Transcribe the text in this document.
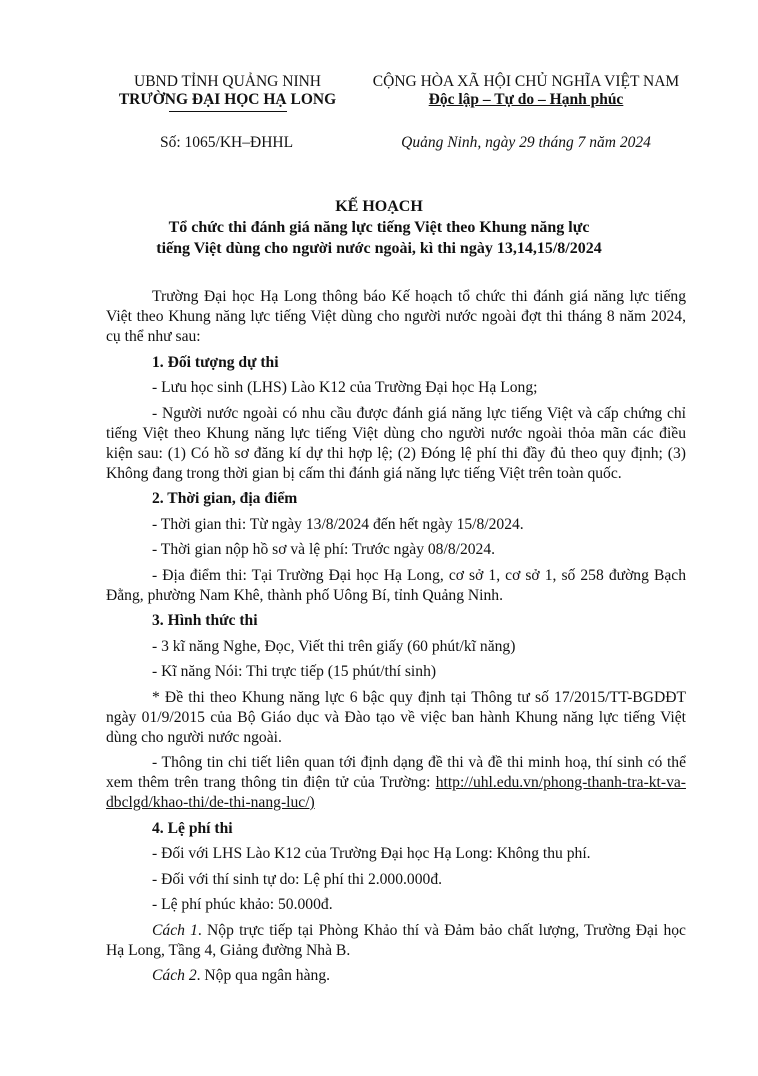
UBND TỈNH QUẢNG NINH
TRƯỜNG ĐẠI HỌC HẠ LONG
CỘNG HÒA XÃ HỘI CHỦ NGHĨA VIỆT NAM
Độc lập – Tự do – Hạnh phúc
Số: 1065/KH–ĐHHL	Quảng Ninh, ngày 29 tháng 7 năm 2024
KẾ HOẠCH
Tổ chức thi đánh giá năng lực tiếng Việt theo Khung năng lực
tiếng Việt dùng cho người nước ngoài, kì thi ngày 13,14,15/8/2024

Trường Đại học Hạ Long thông báo Kế hoạch tổ chức thi đánh giá năng lực tiếng Việt theo Khung năng lực tiếng Việt dùng cho người nước ngoài đợt thi tháng 8 năm 2024, cụ thể như sau:

1. Đối tượng dự thi

- Lưu học sinh (LHS) Lào K12 của Trường Đại học Hạ Long;

- Người nước ngoài có nhu cầu được đánh giá năng lực tiếng Việt và cấp chứng chỉ tiếng Việt theo Khung năng lực tiếng Việt dùng cho người nước ngoài thỏa mãn các điều kiện sau: (1) Có hồ sơ đăng kí dự thi hợp lệ; (2) Đóng lệ phí thi đầy đủ theo quy định; (3) Không đang trong thời gian bị cấm thi đánh giá năng lực tiếng Việt trên toàn quốc.

2. Thời gian, địa điểm

- Thời gian thi: Từ ngày 13/8/2024 đến hết ngày 15/8/2024.

- Thời gian nộp hồ sơ và lệ phí: Trước ngày 08/8/2024.

- Địa điểm thi: Tại Trường Đại học Hạ Long, cơ sở 1, cơ sở 1, số 258 đường Bạch Đằng, phường Nam Khê, thành phố Uông Bí, tỉnh Quảng Ninh.

3. Hình thức thi

- 3 kĩ năng Nghe, Đọc, Viết thi trên giấy (60 phút/kĩ năng)

- Kĩ năng Nói: Thi trực tiếp (15 phút/thí sinh)

* Đề thi theo Khung năng lực 6 bậc quy định tại Thông tư số 17/2015/TT-BGDĐT ngày 01/9/2015 của Bộ Giáo dục và Đào tạo về việc ban hành Khung năng lực tiếng Việt dùng cho người nước ngoài.

- Thông tin chi tiết liên quan tới định dạng đề thi và đề thi minh hoạ, thí sinh có thể xem thêm trên trang thông tin điện tử của Trường: http://uhl.edu.vn/phong-thanh-tra-kt-va-dbclgd/khao-thi/de-thi-nang-luc/)

4. Lệ phí thi

- Đối với LHS Lào K12 của Trường Đại học Hạ Long: Không thu phí.

- Đối với thí sinh tự do: Lệ phí thi 2.000.000đ.

- Lệ phí phúc khảo: 50.000đ.

Cách 1. Nộp trực tiếp tại Phòng Khảo thí và Đảm bảo chất lượng, Trường Đại học Hạ Long, Tầng 4, Giảng đường Nhà B.

Cách 2. Nộp qua ngân hàng.
